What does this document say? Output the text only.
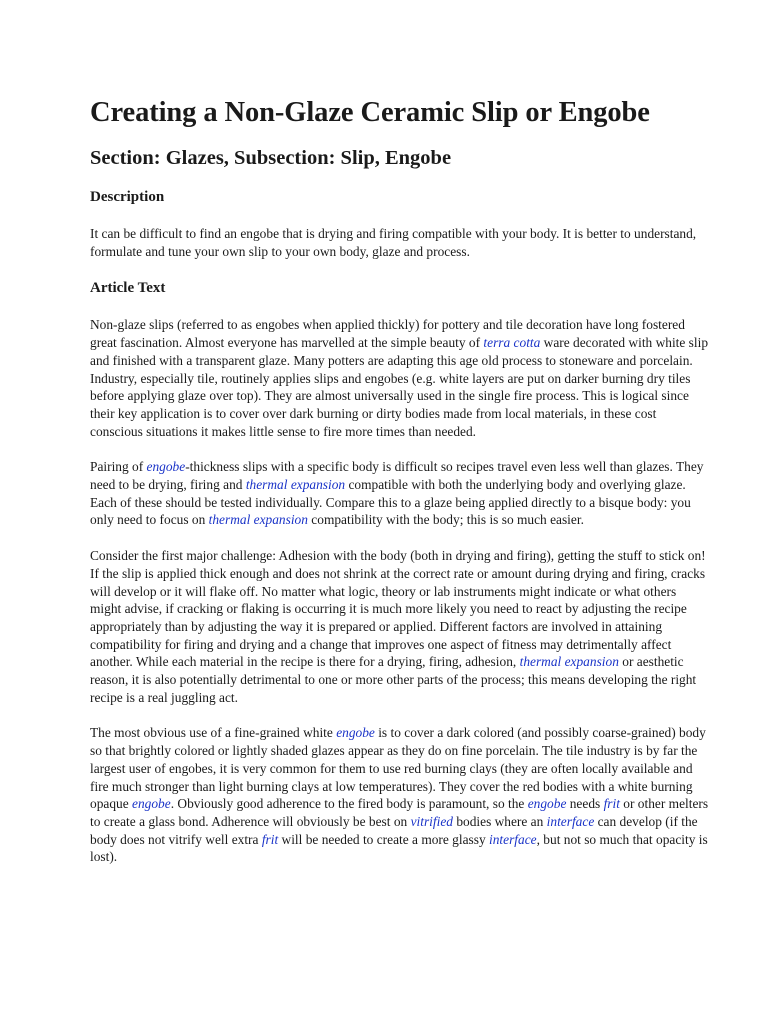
Creating a Non-Glaze Ceramic Slip or Engobe
Section: Glazes, Subsection: Slip, Engobe
Description

It can be difficult to find an engobe that is drying and firing compatible with your body. It is better to understand, formulate and tune your own slip to your own body, glaze and process.

Article Text

Non-glaze slips (referred to as engobes when applied thickly) for pottery and tile decoration have long fostered great fascination. Almost everyone has marvelled at the simple beauty of terra cotta ware decorated with white slip and finished with a transparent glaze. Many potters are adapting this age old process to stoneware and porcelain. Industry, especially tile, routinely applies slips and engobes (e.g. white layers are put on darker burning dry tiles before applying glaze over top). They are almost universally used in the single fire process. This is logical since their key application is to cover over dark burning or dirty bodies made from local materials, in these cost conscious situations it makes little sense to fire more times than needed.

Pairing of engobe-thickness slips with a specific body is difficult so recipes travel even less well than glazes. They need to be drying, firing and thermal expansion compatible with both the underlying body and overlying glaze. Each of these should be tested individually. Compare this to a glaze being applied directly to a bisque body: you only need to focus on thermal expansion compatibility with the body; this is so much easier.

Consider the first major challenge: Adhesion with the body (both in drying and firing), getting the stuff to stick on! If the slip is applied thick enough and does not shrink at the correct rate or amount during drying and firing, cracks will develop or it will flake off. No matter what logic, theory or lab instruments might indicate or what others might advise, if cracking or flaking is occurring it is much more likely you need to react by adjusting the recipe appropriately than by adjusting the way it is prepared or applied. Different factors are involved in attaining compatibility for firing and drying and a change that improves one aspect of fitness may detrimentally affect another. While each material in the recipe is there for a drying, firing, adhesion, thermal expansion or aesthetic reason, it is also potentially detrimental to one or more other parts of the process; this means developing the right recipe is a real juggling act.

The most obvious use of a fine-grained white engobe is to cover a dark colored (and possibly coarse-grained) body so that brightly colored or lightly shaded glazes appear as they do on fine porcelain. The tile industry is by far the largest user of engobes, it is very common for them to use red burning clays (they are often locally available and fire much stronger than light burning clays at low temperatures). They cover the red bodies with a white burning opaque engobe. Obviously good adherence to the fired body is paramount, so the engobe needs frit or other melters to create a glass bond. Adherence will obviously be best on vitrified bodies where an interface can develop (if the body does not vitrify well extra frit will be needed to create a more glassy interface, but not so much that opacity is lost).
